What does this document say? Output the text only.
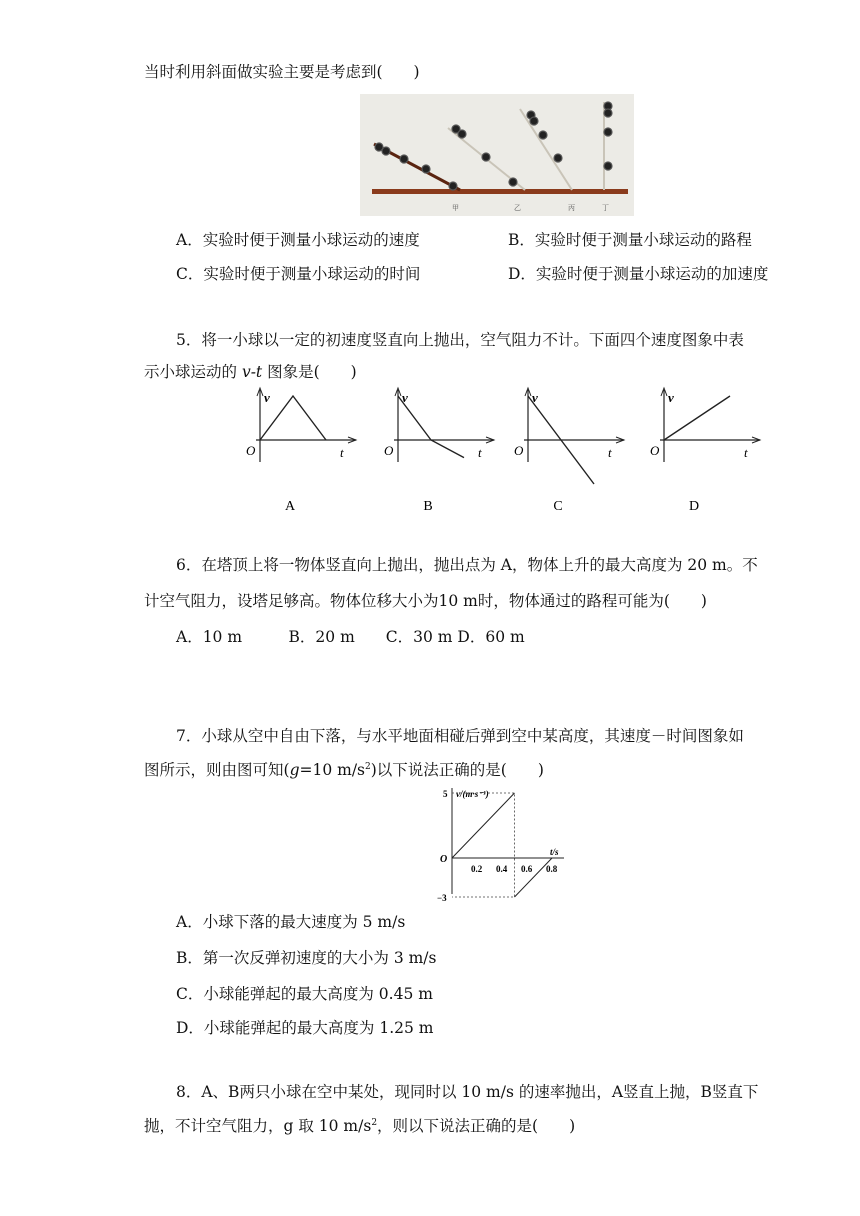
当时利用斜面做实验主要是考虑到(　　)
甲	乙	丙	丁
A．实验时便于测量小球运动的速度	B．实验时便于测量小球运动的路程
C．实验时便于测量小球运动的时间	D．实验时便于测量小球运动的加速度
5．将一小球以一定的初速度竖直向上抛出，空气阻力不计。下面四个速度图象中表
示小球运动的 v-t 图象是(　　)
v
t
O
A
v
t
O
B
v
t
O
C
v
t
O
D
6．在塔顶上将一物体竖直向上抛出，抛出点为 A，物体上升的最大高度为 20 m。不
计空气阻力，设塔足够高。物体位移大小为10 m时，物体通过的路程可能为(　　)
A．10 m　　　B．20 m　　C．30 m D．60 m
7．小球从空中自由下落，与水平地面相碰后弹到空中某高度，其速度－时间图象如
图所示，则由图可知(g=10 $m/s^2$)以下说法正确的是(　　)
v/(m·s⁻¹)
t/s
O
5
−3
0.2 0.4 0.6 0.8
A．小球下落的最大速度为 5 m/s
B．第一次反弹初速度的大小为 3 m/s
C．小球能弹起的最大高度为 0.45 m
D．小球能弹起的最大高度为 1.25 m
8．A、B两只小球在空中某处，现同时以 10 m/s 的速率抛出，A竖直上抛，B竖直下
抛，不计空气阻力，g 取 10 $m/s^2$，则以下说法正确的是(　　)
